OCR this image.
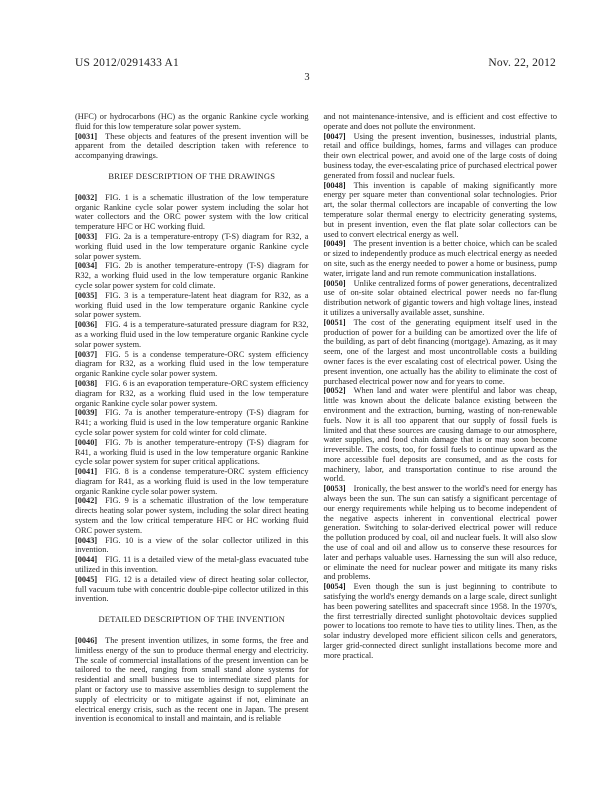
US 2012/0291433 A1	Nov. 22, 2012
3

(HFC) or hydrocarbons (HC) as the organic Rankine cycle working fluid for this low temperature solar power system.

[0031] These objects and features of the present invention will be apparent from the detailed description taken with reference to accompanying drawings.

BRIEF DESCRIPTION OF THE DRAWINGS

[0032] FIG. 1 is a schematic illustration of the low temperature organic Rankine cycle solar power system including the solar hot water collectors and the ORC power system with the low critical temperature HFC or HC working fluid.

[0033] FIG. 2a is a temperature-entropy (T-S) diagram for R32, a working fluid used in the low temperature organic Rankine cycle solar power system.

[0034] FIG. 2b is another temperature-entropy (T-S) diagram for R32, a working fluid used in the low temperature organic Rankine cycle solar power system for cold climate.

[0035] FIG. 3 is a temperature-latent heat diagram for R32, as a working fluid used in the low temperature organic Rankine cycle solar power system.

[0036] FIG. 4 is a temperature-saturated pressure diagram for R32, as a working fluid used in the low temperature organic Rankine cycle solar power system.

[0037] FIG. 5 is a condense temperature-ORC system efficiency diagram for R32, as a working fluid used in the low temperature organic Rankine cycle solar power system.

[0038] FIG. 6 is an evaporation temperature-ORC system efficiency diagram for R32, as a working fluid used in the low temperature organic Rankine cycle solar power system.

[0039] FIG. 7a is another temperature-entropy (T-S) diagram for R41; a working fluid is used in the low temperature organic Rankine cycle solar power system for cold winter for cold climate.

[0040] FIG. 7b is another temperature-entropy (T-S) diagram for R41, a working fluid is used in the low temperature organic Rankine cycle solar power system for super critical applications.

[0041] FIG. 8 is a condense temperature-ORC system efficiency diagram for R41, as a working fluid is used in the low temperature organic Rankine cycle solar power system.

[0042] FIG. 9 is a schematic illustration of the low temperature directs heating solar power system, including the solar direct heating system and the low critical temperature HFC or HC working fluid ORC power system.

[0043] FIG. 10 is a view of the solar collector utilized in this invention.

[0044] FIG. 11 is a detailed view of the metal-glass evacuated tube utilized in this invention.

[0045] FIG. 12 is a detailed view of direct heating solar collector, full vacuum tube with concentric double-pipe collector utilized in this invention.

DETAILED DESCRIPTION OF THE INVENTION

[0046] The present invention utilizes, in some forms, the free and limitless energy of the sun to produce thermal energy and electricity. The scale of commercial installations of the present invention can be tailored to the need, ranging from small stand alone systems for residential and small business use to intermediate sized plants for plant or factory use to massive assemblies design to supplement the supply of electricity or to mitigate against if not, eliminate an electrical energy crisis, such as the recent one in Japan. The present invention is economical to install and maintain, and is reliable

and not maintenance-intensive, and is efficient and cost effective to operate and does not pollute the environment.

[0047] Using the present invention, businesses, industrial plants, retail and office buildings, homes, farms and villages can produce their own electrical power, and avoid one of the large costs of doing business today, the ever-escalating price of purchased electrical power generated from fossil and nuclear fuels.

[0048] This invention is capable of making significantly more energy per square meter than conventional solar technologies. Prior art, the solar thermal collectors are incapable of converting the low temperature solar thermal energy to electricity generating systems, but in present invention, even the flat plate solar collectors can be used to convert electrical energy as well.

[0049] The present invention is a better choice, which can be scaled or sized to independently produce as much electrical energy as needed on site, such as the energy needed to power a home or business, pump water, irrigate land and run remote communication installations.

[0050] Unlike centralized forms of power generations, decentralized use of on-site solar obtained electrical power needs no far-flung distribution network of gigantic towers and high voltage lines, instead it utilizes a universally available asset, sunshine.

[0051] The cost of the generating equipment itself used in the production of power for a building can be amortized over the life of the building, as part of debt financing (mortgage). Amazing, as it may seem, one of the largest and most uncontrollable costs a building owner faces is the ever escalating cost of electrical power. Using the present invention, one actually has the ability to eliminate the cost of purchased electrical power now and for years to come.

[0052] When land and water were plentiful and labor was cheap, little was known about the delicate balance existing between the environment and the extraction, burning, wasting of non-renewable fuels. Now it is all too apparent that our supply of fossil fuels is limited and that these sources are causing damage to our atmosphere, water supplies, and food chain damage that is or may soon become irreversible. The costs, too, for fossil fuels to continue upward as the more accessible fuel deposits are consumed, and as the costs for machinery, labor, and transportation continue to rise around the world.

[0053] Ironically, the best answer to the world's need for energy has always been the sun. The sun can satisfy a significant percentage of our energy requirements while helping us to become independent of the negative aspects inherent in conventional electrical power generation. Switching to solar-derived electrical power will reduce the pollution produced by coal, oil and nuclear fuels. It will also slow the use of coal and oil and allow us to conserve these resources for later and perhaps valuable uses. Harnessing the sun will also reduce, or eliminate the need for nuclear power and mitigate its many risks and problems.

[0054] Even though the sun is just beginning to contribute to satisfying the world's energy demands on a large scale, direct sunlight has been powering satellites and spacecraft since 1958. In the 1970's, the first terrestrially directed sunlight photovoltaic devices supplied power to locations too remote to have ties to utility lines. Then, as the solar industry developed more efficient silicon cells and generators, larger grid-connected direct sunlight installations become more and more practical.
